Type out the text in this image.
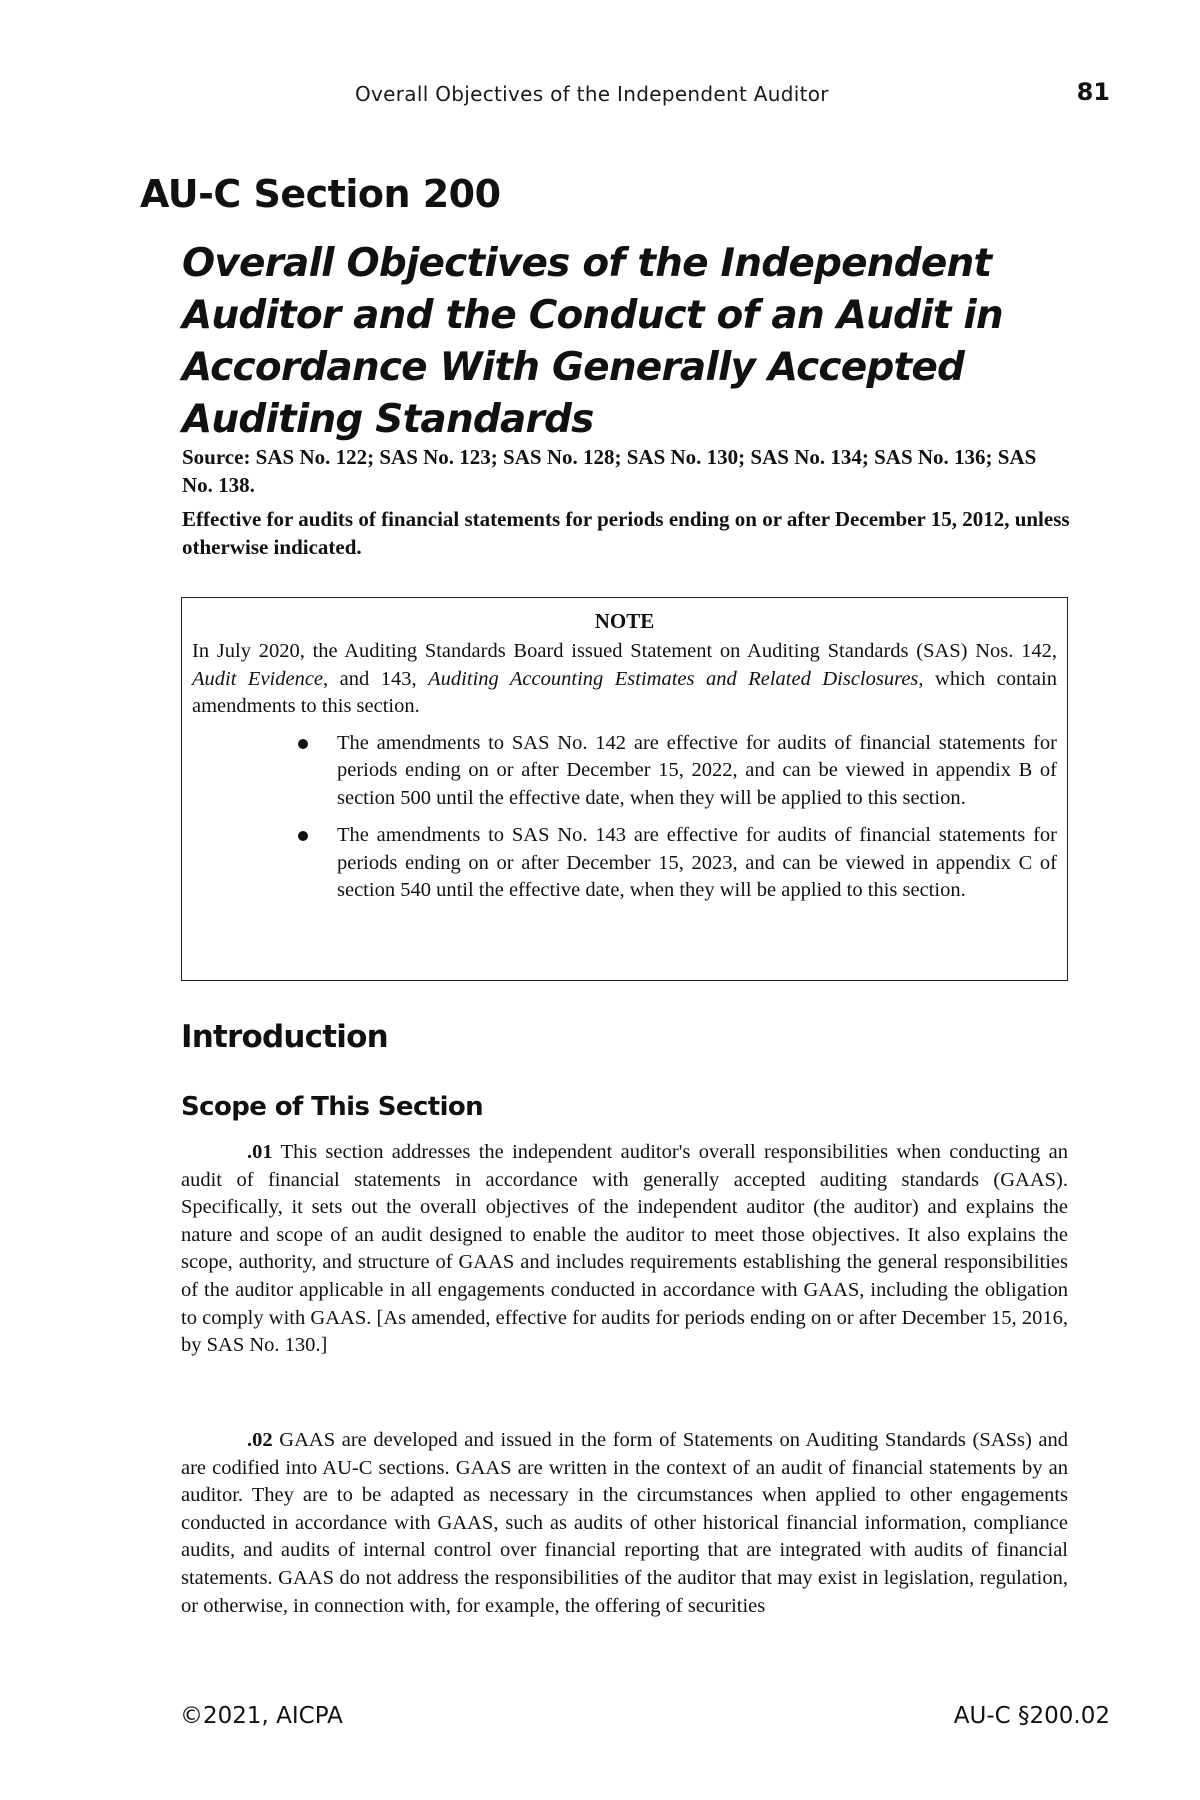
Overall Objectives of the Independent Auditor	81
AU-C Section 200
Overall Objectives of the Independent Auditor and the Conduct of an Audit in Accordance With Generally Accepted Auditing Standards

Source: SAS No. 122; SAS No. 123; SAS No. 128; SAS No. 130; SAS No. 134; SAS No. 136; SAS No. 138.

Effective for audits of financial statements for periods ending on or after December 15, 2012, unless otherwise indicated.

NOTE

In July 2020, the Auditing Standards Board issued Statement on Auditing Standards (SAS) Nos. 142, Audit Evidence, and 143, Auditing Accounting Estimates and Related Disclosures, which contain amendments to this section.

The amendments to SAS No. 142 are effective for audits of financial statements for periods ending on or after December 15, 2022, and can be viewed in appendix B of section 500 until the effective date, when they will be applied to this section.
The amendments to SAS No. 143 are effective for audits of financial statements for periods ending on or after December 15, 2023, and can be viewed in appendix C of section 540 until the effective date, when they will be applied to this section.
Introduction
Scope of This Section

.01 This section addresses the independent auditor's overall responsibilities when conducting an audit of financial statements in accordance with generally accepted auditing standards (GAAS). Specifically, it sets out the overall objectives of the independent auditor (the auditor) and explains the nature and scope of an audit designed to enable the auditor to meet those objectives. It also explains the scope, authority, and structure of GAAS and includes requirements establishing the general responsibilities of the auditor applicable in all engagements conducted in accordance with GAAS, including the obligation to comply with GAAS. [As amended, effective for audits for periods ending on or after December 15, 2016, by SAS No. 130.]

.02 GAAS are developed and issued in the form of Statements on Auditing Standards (SASs) and are codified into AU-C sections. GAAS are written in the context of an audit of financial statements by an auditor. They are to be adapted as necessary in the circumstances when applied to other engagements conducted in accordance with GAAS, such as audits of other historical financial information, compliance audits, and audits of internal control over financial reporting that are integrated with audits of financial statements. GAAS do not address the responsibilities of the auditor that may exist in legislation, regulation, or otherwise, in connection with, for example, the offering of securities

©2021, AICPA	AU-C §200.02
